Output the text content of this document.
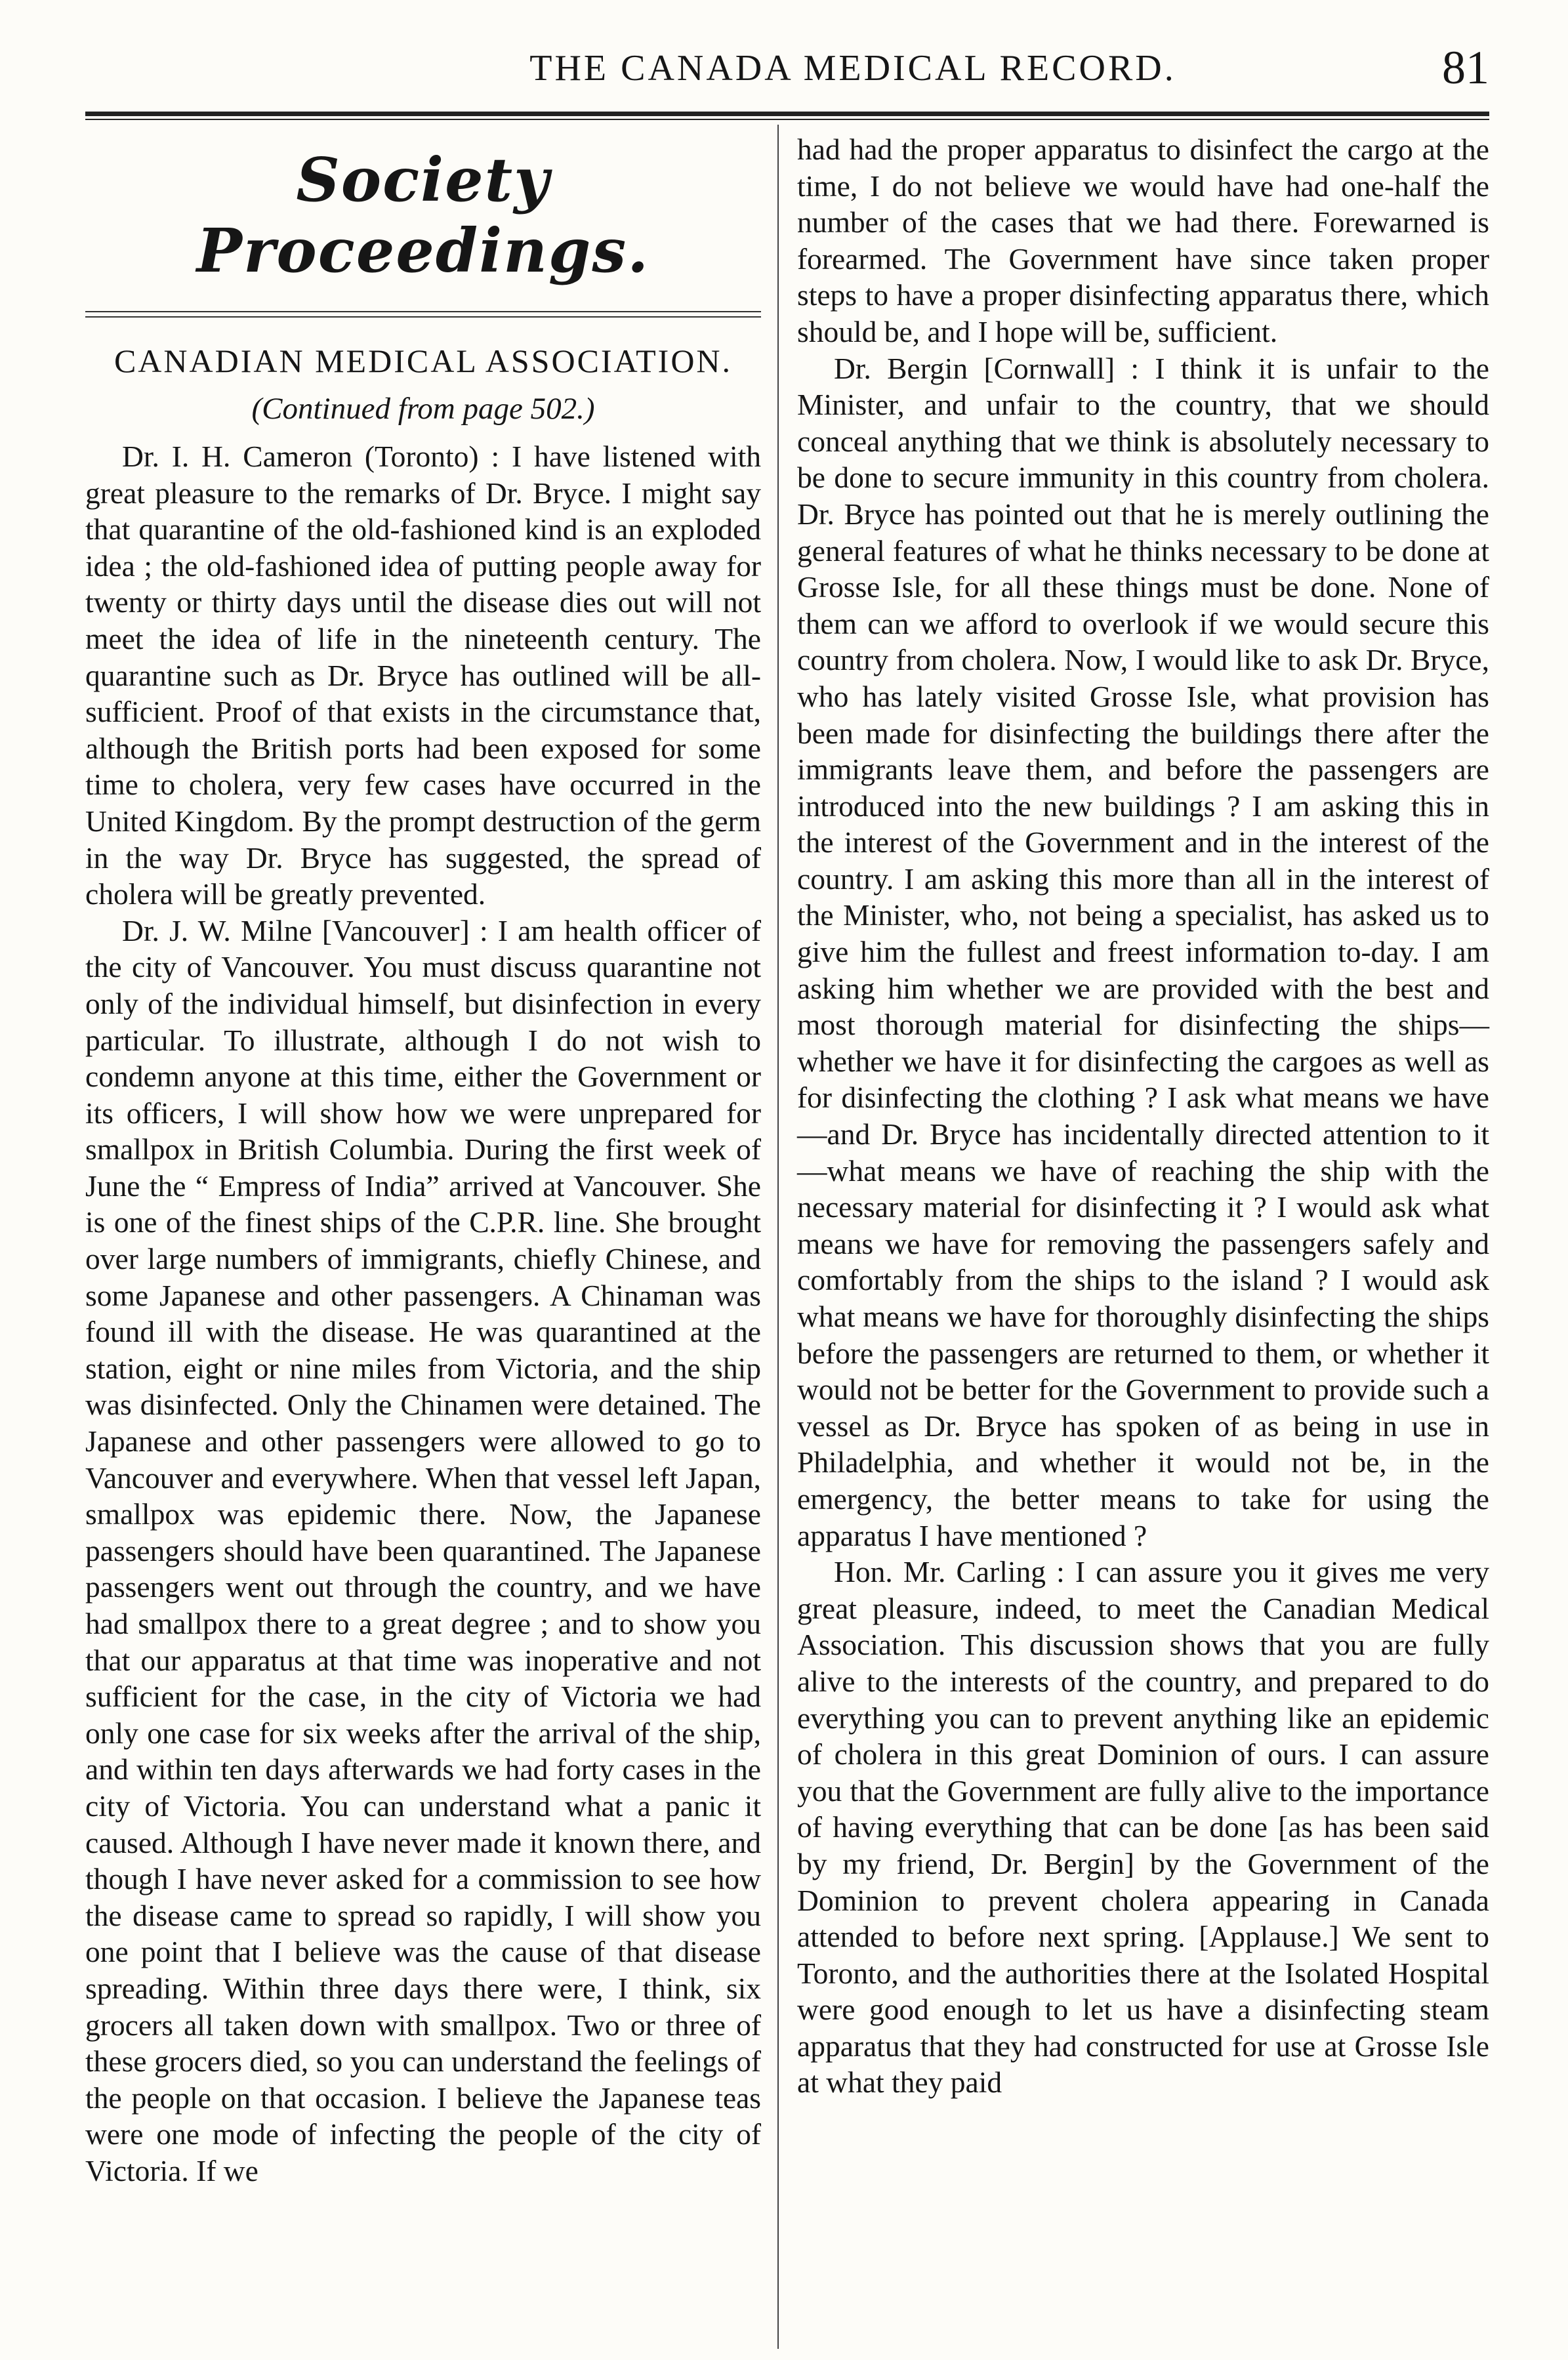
THE CANADA MEDICAL RECORD.	81
Society Proceedings.
CANADIAN MEDICAL ASSOCIATION.

(Continued from page 502.)

Dr. I. H. Cameron (Toronto) : I have listened with great pleasure to the remarks of Dr. Bryce. I might say that quarantine of the old-fashioned kind is an exploded idea ; the old-fashioned idea of putting people away for twenty or thirty days until the disease dies out will not meet the idea of life in the nineteenth century. The quarantine such as Dr. Bryce has outlined will be all-sufficient. Proof of that exists in the circumstance that, although the British ports had been exposed for some time to cholera, very few cases have occurred in the United Kingdom. By the prompt destruction of the germ in the way Dr. Bryce has suggested, the spread of cholera will be greatly prevented.

Dr. J. W. Milne [Vancouver] : I am health officer of the city of Vancouver. You must discuss quarantine not only of the individual himself, but disinfection in every particular. To illustrate, although I do not wish to condemn anyone at this time, either the Government or its officers, I will show how we were unprepared for smallpox in British Columbia. During the first week of June the “ Empress of India” arrived at Vancouver. She is one of the finest ships of the C.P.R. line. She brought over large numbers of immigrants, chiefly Chinese, and some Japanese and other passengers. A Chinaman was found ill with the disease. He was quarantined at the station, eight or nine miles from Victoria, and the ship was disinfected. Only the Chinamen were detained. The Japanese and other passengers were allowed to go to Vancouver and everywhere. When that vessel left Japan, smallpox was epidemic there. Now, the Japanese passengers should have been quarantined. The Japanese passengers went out through the country, and we have had smallpox there to a great degree ; and to show you that our apparatus at that time was inoperative and not sufficient for the case, in the city of Victoria we had only one case for six weeks after the arrival of the ship, and within ten days afterwards we had forty cases in the city of Victoria. You can understand what a panic it caused. Although I have never made it known there, and though I have never asked for a commission to see how the disease came to spread so rapidly, I will show you one point that I believe was the cause of that disease spreading. Within three days there were, I think, six grocers all taken down with smallpox. Two or three of these grocers died, so you can understand the feelings of the people on that occasion. I believe the Japanese teas were one mode of infecting the people of the city of Victoria. If we

had had the proper apparatus to disinfect the cargo at the time, I do not believe we would have had one-half the number of the cases that we had there. Forewarned is forearmed. The Government have since taken proper steps to have a proper disinfecting apparatus there, which should be, and I hope will be, sufficient.

Dr. Bergin [Cornwall] : I think it is unfair to the Minister, and unfair to the country, that we should conceal anything that we think is absolutely necessary to be done to secure immunity in this country from cholera. Dr. Bryce has pointed out that he is merely outlining the general features of what he thinks necessary to be done at Grosse Isle, for all these things must be done. None of them can we afford to overlook if we would secure this country from cholera. Now, I would like to ask Dr. Bryce, who has lately visited Grosse Isle, what provision has been made for disinfecting the buildings there after the immigrants leave them, and before the passengers are introduced into the new buildings ? I am asking this in the interest of the Government and in the interest of the country. I am asking this more than all in the interest of the Minister, who, not being a specialist, has asked us to give him the fullest and freest information to-day. I am asking him whether we are provided with the best and most thorough material for disinfecting the ships—whether we have it for disinfecting the cargoes as well as for disinfecting the clothing ? I ask what means we have—and Dr. Bryce has incidentally directed attention to it—what means we have of reaching the ship with the necessary material for disinfecting it ? I would ask what means we have for removing the passengers safely and comfortably from the ships to the island ? I would ask what means we have for thoroughly disinfecting the ships before the passengers are returned to them, or whether it would not be better for the Government to provide such a vessel as Dr. Bryce has spoken of as being in use in Philadelphia, and whether it would not be, in the emergency, the better means to take for using the apparatus I have mentioned ?

Hon. Mr. Carling : I can assure you it gives me very great pleasure, indeed, to meet the Canadian Medical Association. This discussion shows that you are fully alive to the interests of the country, and prepared to do everything you can to prevent anything like an epidemic of cholera in this great Dominion of ours. I can assure you that the Government are fully alive to the importance of having everything that can be done [as has been said by my friend, Dr. Bergin] by the Government of the Dominion to prevent cholera appearing in Canada attended to before next spring. [Applause.] We sent to Toronto, and the authorities there at the Isolated Hospital were good enough to let us have a disinfecting steam apparatus that they had constructed for use at Grosse Isle at what they paid
